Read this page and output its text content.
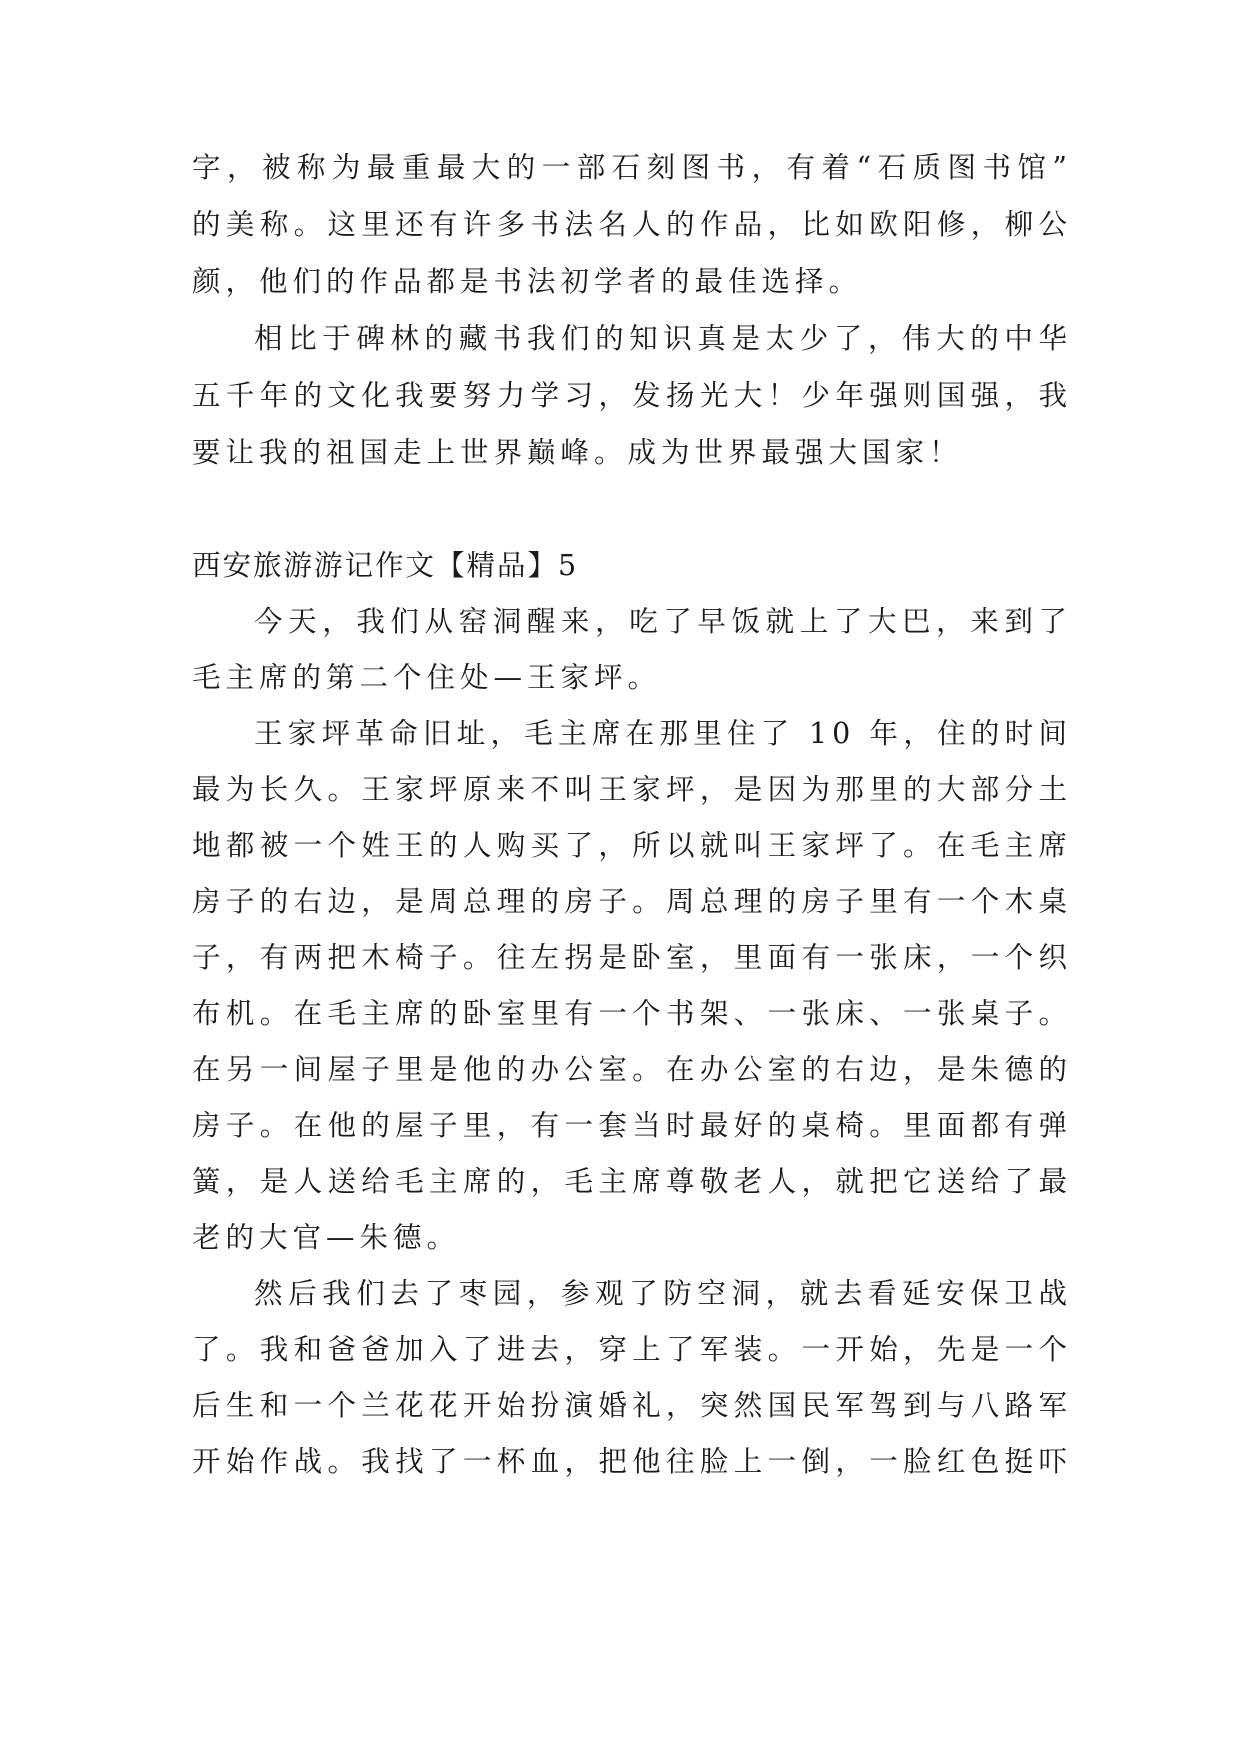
字，被称为最重最大的一部石刻图书，有着“石质图书馆”
的美称。这里还有许多书法名人的作品，比如欧阳修，柳公
颜，他们的作品都是书法初学者的最佳选择。
相比于碑林的藏书我们的知识真是太少了，伟大的中华
五千年的文化我要努力学习，发扬光大！少年强则国强，我
要让我的祖国走上世界巅峰。成为世界最强大国家！
西安旅游游记作文【精品】5
今天，我们从窑洞醒来，吃了早饭就上了大巴，来到了
毛主席的第二个住处—王家坪。
王家坪革命旧址，毛主席在那里住了 10 年，住的时间
最为长久。王家坪原来不叫王家坪，是因为那里的大部分土
地都被一个姓王的人购买了，所以就叫王家坪了。在毛主席
房子的右边，是周总理的房子。周总理的房子里有一个木桌
子，有两把木椅子。往左拐是卧室，里面有一张床，一个织
布机。在毛主席的卧室里有一个书架、一张床、一张桌子。
在另一间屋子里是他的办公室。在办公室的右边，是朱德的
房子。在他的屋子里，有一套当时最好的桌椅。里面都有弹
簧，是人送给毛主席的，毛主席尊敬老人，就把它送给了最
老的大官—朱德。
然后我们去了枣园，参观了防空洞，就去看延安保卫战
了。我和爸爸加入了进去，穿上了军装。一开始，先是一个
后生和一个兰花花开始扮演婚礼，突然国民军驾到与八路军
开始作战。我找了一杯血，把他往脸上一倒，一脸红色挺吓
